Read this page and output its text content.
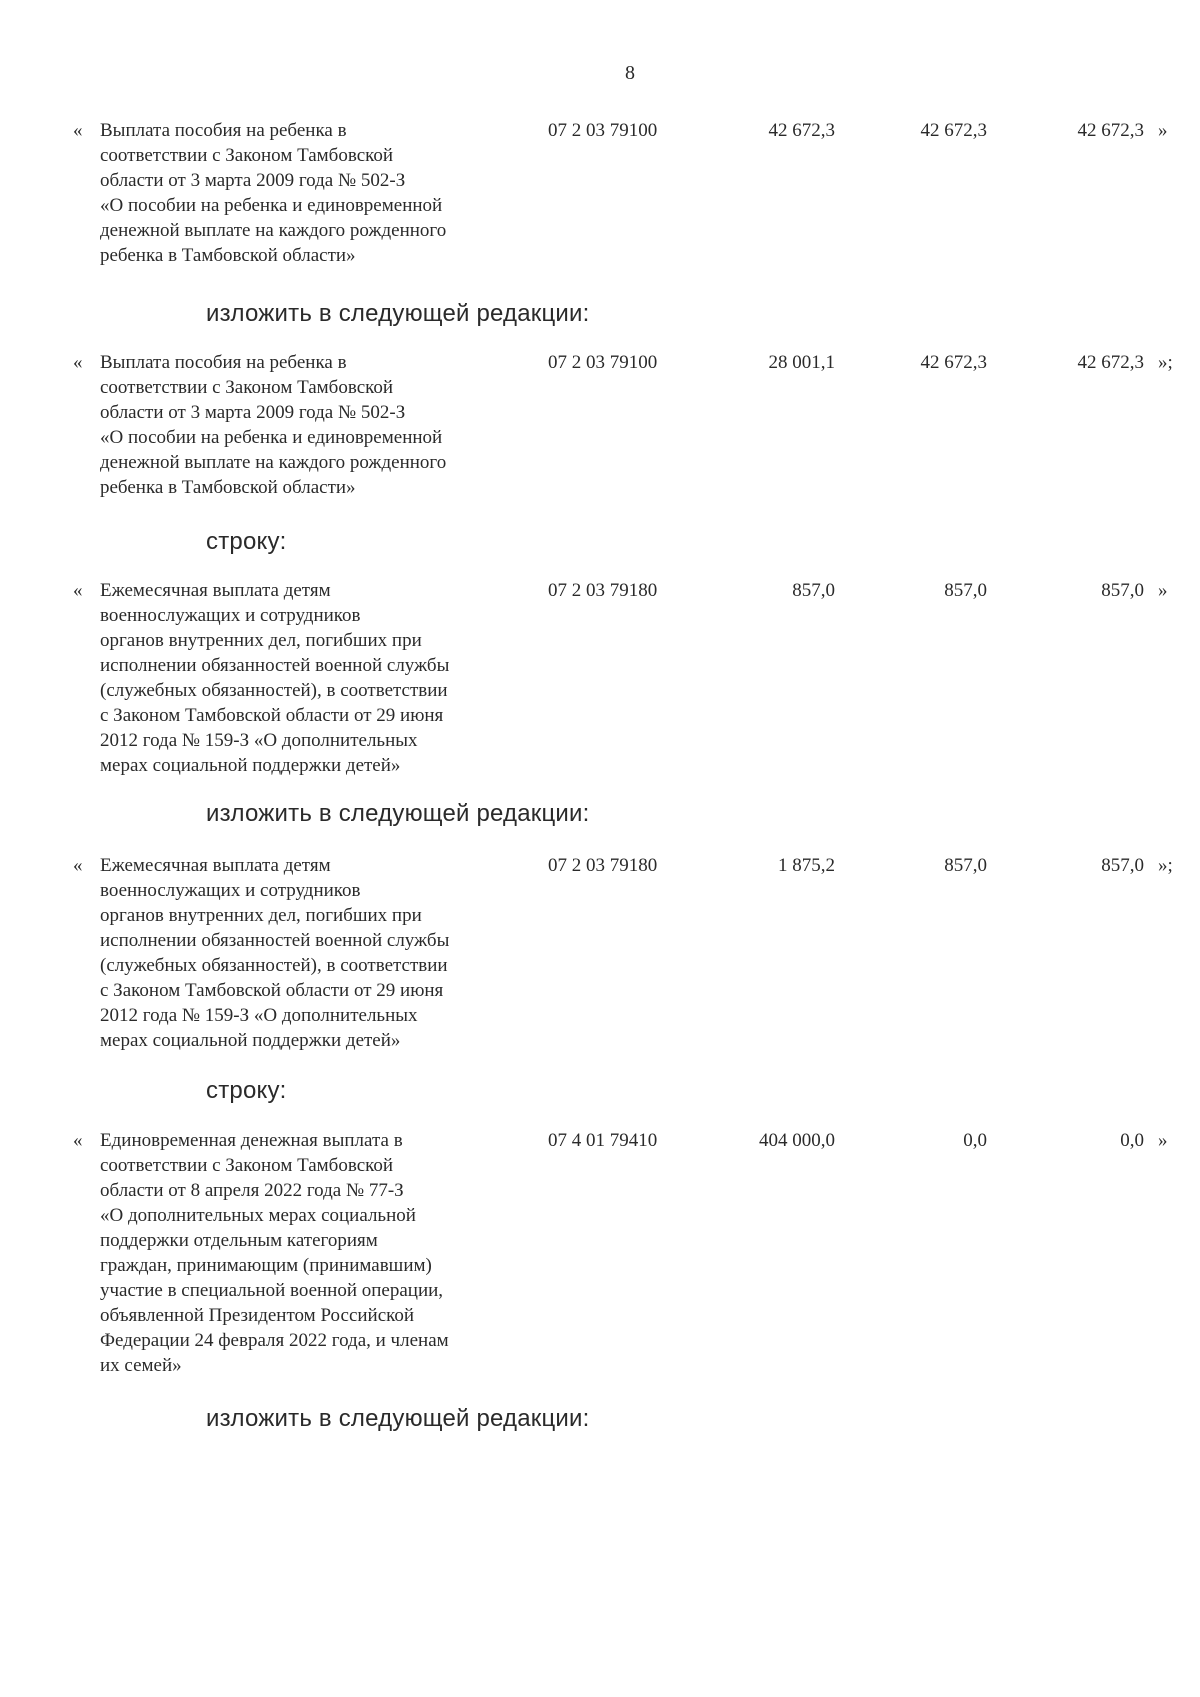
8
« Выплата пособия на ребенка в
соответствии с Законом Тамбовской
области от 3 марта 2009 года № 502-З
«О пособии на ребенка и единовременной
денежной выплате на каждого рожденного
ребенка в Тамбовской области»
07 2 03 79100	42 672,3	42 672,3	42 672,3 »
изложить в следующей редакции:
« Выплата пособия на ребенка в
соответствии с Законом Тамбовской
области от 3 марта 2009 года № 502-З
«О пособии на ребенка и единовременной
денежной выплате на каждого рожденного
ребенка в Тамбовской области»
07 2 03 79100	28 001,1	42 672,3	42 672,3 »;
строку:
« Ежемесячная выплата детям
военнослужащих и сотрудников
органов внутренних дел, погибших при
исполнении обязанностей военной службы
(служебных обязанностей), в соответствии
с Законом Тамбовской области от 29 июня
2012 года № 159-З «О дополнительных
мерах социальной поддержки детей»
07 2 03 79180	857,0	857,0	857,0 »
изложить в следующей редакции:
« Ежемесячная выплата детям
военнослужащих и сотрудников
органов внутренних дел, погибших при
исполнении обязанностей военной службы
(служебных обязанностей), в соответствии
с Законом Тамбовской области от 29 июня
2012 года № 159-З «О дополнительных
мерах социальной поддержки детей»
07 2 03 79180	1 875,2	857,0	857,0 »;
строку:
« Единовременная денежная выплата в
соответствии с Законом Тамбовской
области от 8 апреля 2022 года № 77-З
«О дополнительных мерах социальной
поддержки отдельным категориям
граждан, принимающим (принимавшим)
участие в специальной военной операции,
объявленной Президентом Российской
Федерации 24 февраля 2022 года, и членам
их семей»
07 4 01 79410	404 000,0	0,0	0,0 »
изложить в следующей редакции:
